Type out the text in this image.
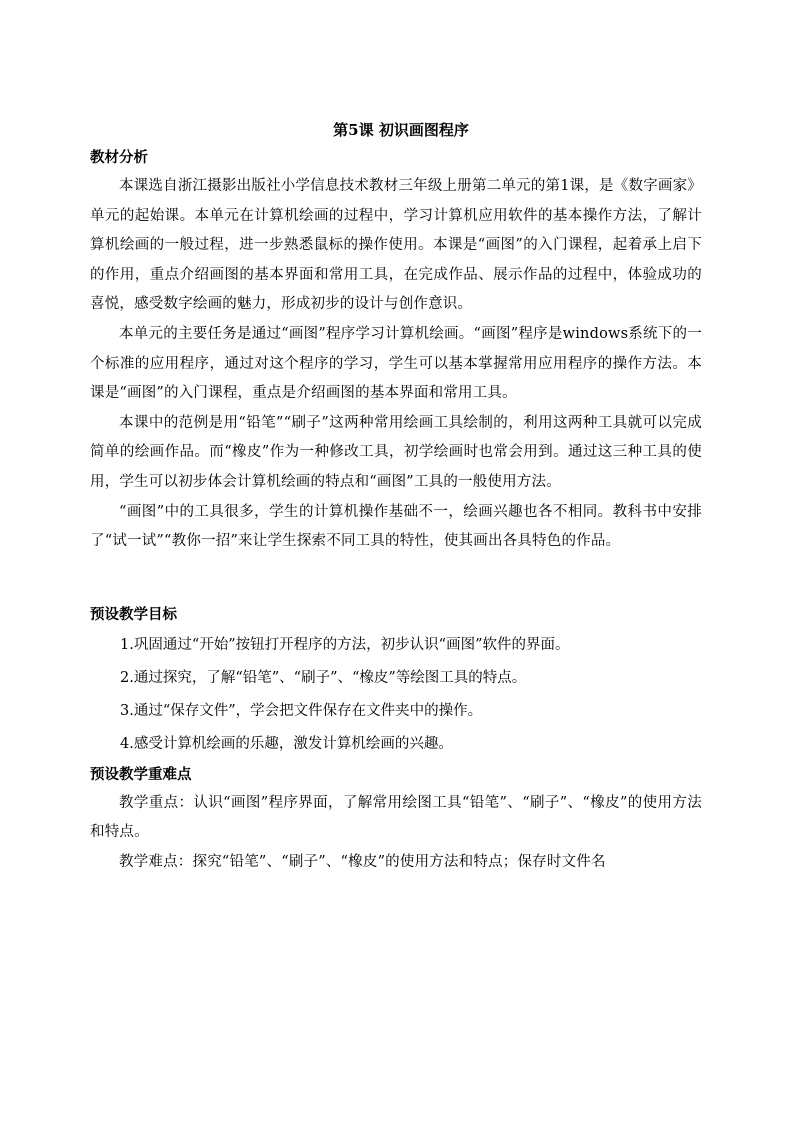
第5课 初识画图程序
教材分析

本课选自浙江摄影出版社小学信息技术教材三年级上册第二单元的第1课，是《数字画家》单元的起始课。本单元在计算机绘画的过程中，学习计算机应用软件的基本操作方法，了解计算机绘画的一般过程，进一步熟悉鼠标的操作使用。本课是“画图”的入门课程，起着承上启下的作用，重点介绍画图的基本界面和常用工具，在完成作品、展示作品的过程中，体验成功的喜悦，感受数字绘画的魅力，形成初步的设计与创作意识。

本单元的主要任务是通过“画图”程序学习计算机绘画。“画图”程序是windows系统下的一个标准的应用程序，通过对这个程序的学习，学生可以基本掌握常用应用程序的操作方法。本课是“画图”的入门课程，重点是介绍画图的基本界面和常用工具。

本课中的范例是用“铅笔”“刷子”这两种常用绘画工具绘制的，利用这两种工具就可以完成简单的绘画作品。而“橡皮”作为一种修改工具，初学绘画时也常会用到。通过这三种工具的使用，学生可以初步体会计算机绘画的特点和“画图”工具的一般使用方法。

“画图”中的工具很多，学生的计算机操作基础不一，绘画兴趣也各不相同。教科书中安排了“试一试”“教你一招”来让学生探索不同工具的特性，使其画出各具特色的作品。

预设教学目标

1.巩固通过“开始”按钮打开程序的方法，初步认识“画图”软件的界面。

2.通过探究，了解“铅笔”、“刷子”、“橡皮”等绘图工具的特点。

3.通过“保存文件”，学会把文件保存在文件夹中的操作。

4.感受计算机绘画的乐趣，激发计算机绘画的兴趣。

预设教学重难点

教学重点：认识“画图”程序界面，了解常用绘图工具“铅笔”、“刷子”、“橡皮”的使用方法和特点。

教学难点：探究“铅笔”、“刷子”、“橡皮”的使用方法和特点；保存时文件名
